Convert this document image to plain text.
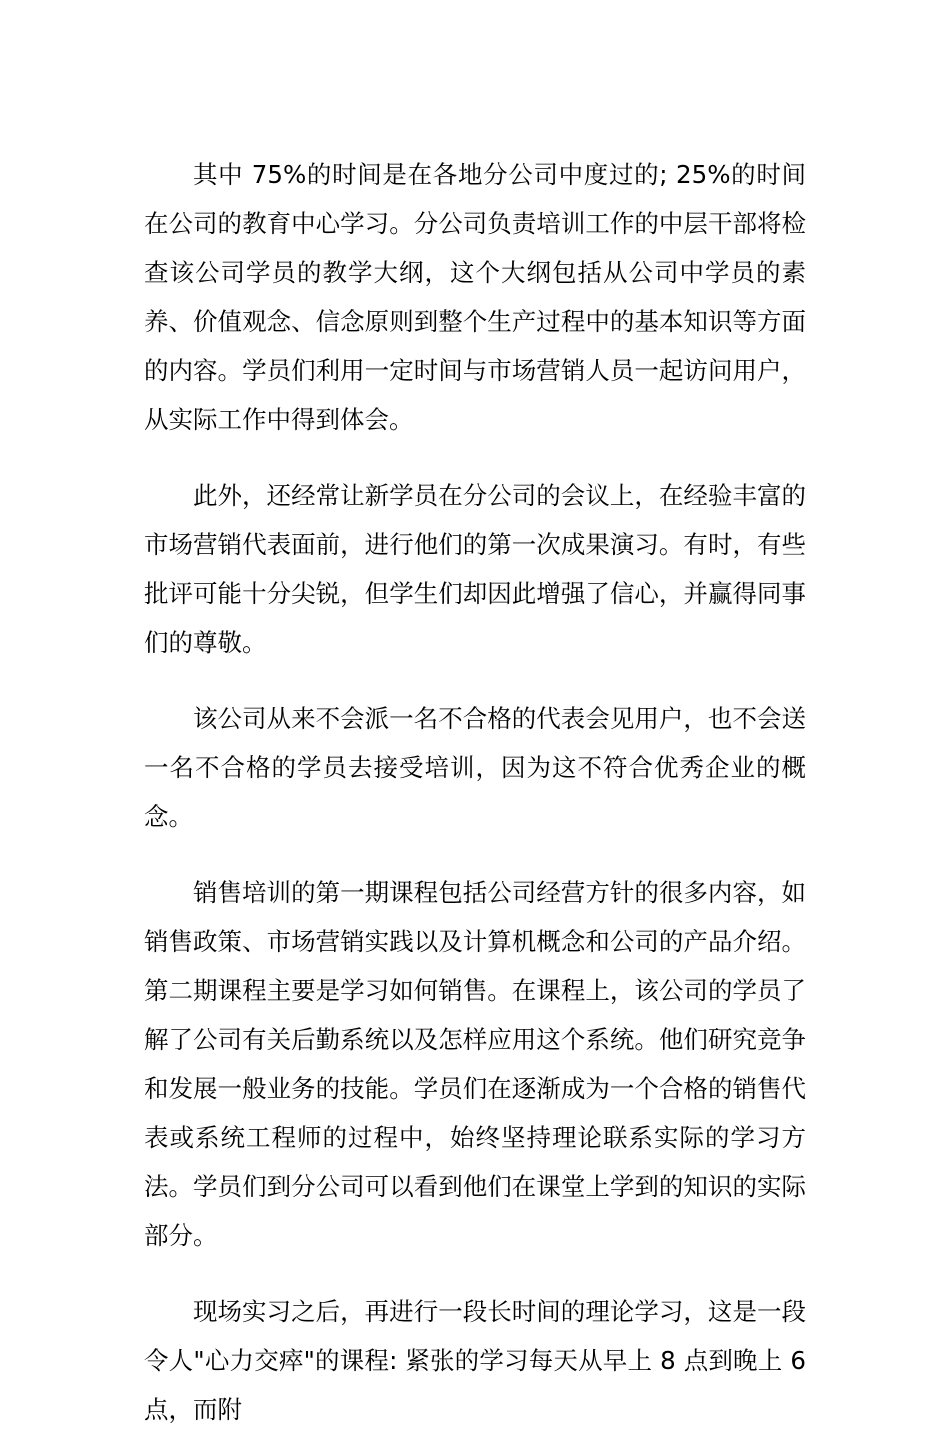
其中 75%的时间是在各地分公司中度过的; 25%的时间在公司的教育中心学习。分公司负责培训工作的中层干部将检查该公司学员的教学大纲，这个大纲包括从公司中学员的素养、价值观念、信念原则到整个生产过程中的基本知识等方面的内容。学员们利用一定时间与市场营销人员一起访问用户，从实际工作中得到体会。

此外，还经常让新学员在分公司的会议上，在经验丰富的市场营销代表面前，进行他们的第一次成果演习。有时，有些批评可能十分尖锐，但学生们却因此增强了信心，并赢得同事们的尊敬。

该公司从来不会派一名不合格的代表会见用户，也不会送一名不合格的学员去接受培训，因为这不符合优秀企业的概念。

销售培训的第一期课程包括公司经营方针的很多内容，如销售政策、市场营销实践以及计算机概念和公司的产品介绍。第二期课程主要是学习如何销售。在课程上，该公司的学员了解了公司有关后勤系统以及怎样应用这个系统。他们研究竞争和发展一般业务的技能。学员们在逐渐成为一个合格的销售代表或系统工程师的过程中，始终坚持理论联系实际的学习方法。学员们到分公司可以看到他们在课堂上学到的知识的实际部分。

现场实习之后，再进行一段长时间的理论学习，这是一段令人"心力交瘁"的课程: 紧张的学习每天从早上 8 点到晚上 6 点，而附
